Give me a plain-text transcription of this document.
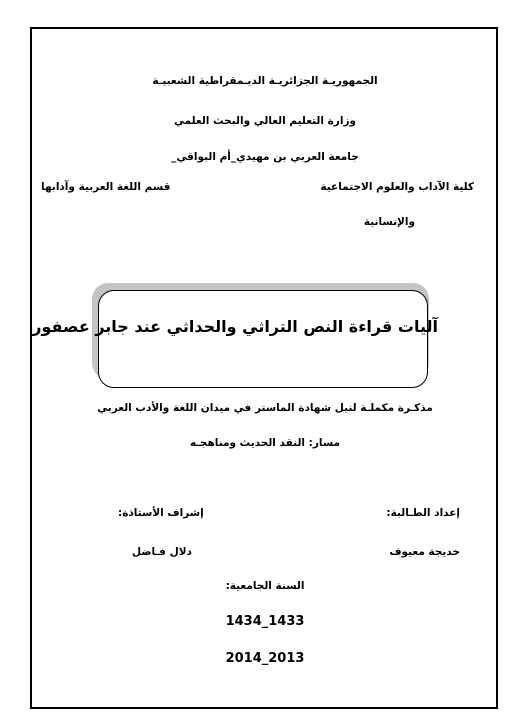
الجمهوريـة الجزائريـة الديـمقراطية الشعبيـة
وزارة التعليم العالي والبحث العلمي
جامعة العربي بن مهيدي_أم البواقي_
كلية الآداب والعلوم الاجتماعية
والإنسانية
قسم اللغة العربية وآدابها
آليات قراءة النص التراثي والحداثي عند جابر عصفور
مذكـرة مكملـة لنيل شهادة الماستر في ميدان اللغة والأدب العربي
مسار: النقد الحديث ومناهجـه
إعداد الطـالبة:
خديجة معيوف
إشراف الأستاذة:
دلال فـاضل
السنة الجامعية:
1434_1433
2014_2013
